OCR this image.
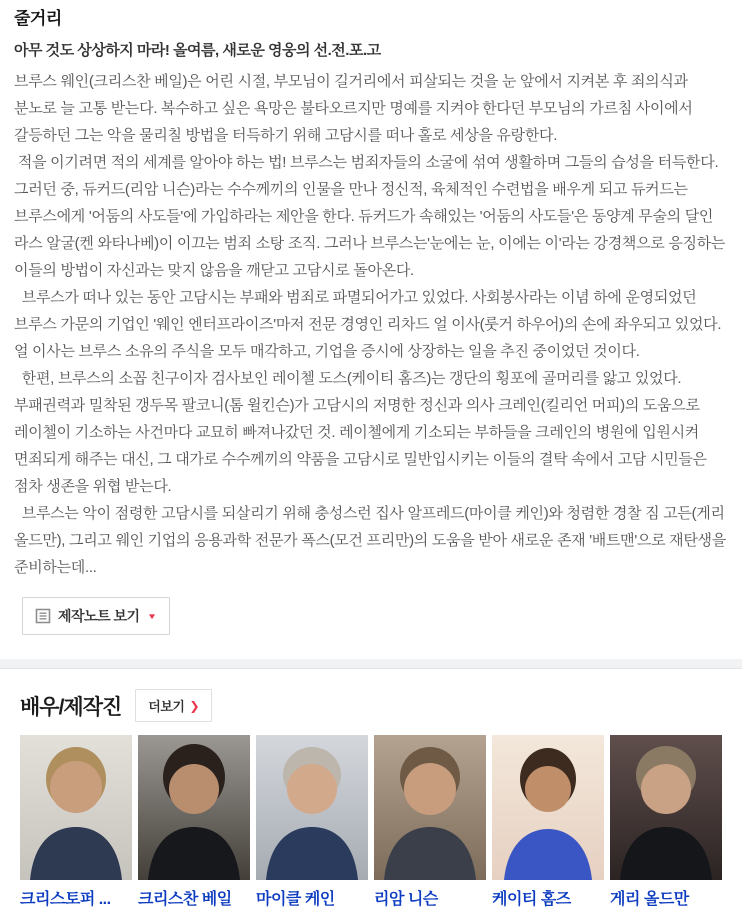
줄거리

아무 것도 상상하지 마라! 올여름, 새로운 영웅의 선.전.포.고

브루스 웨인(크리스찬 베일)은 어린 시절, 부모님이 길거리에서 피살되는 것을 눈 앞에서 지켜본 후 죄의식과 분노로 늘 고통 받는다. 복수하고 싶은 욕망은 불타오르지만 명예를 지켜야 한다던 부모님의 가르침 사이에서 갈등하던 그는 악을 물리칠 방법을 터득하기 위해 고담시를 떠나 홀로 세상을 유랑한다.

적을 이기려면 적의 세계를 알아야 하는 법! 브루스는 범죄자들의 소굴에 섞여 생활하며 그들의 습성을 터득한다. 그러던 중, 듀커드(리암 니슨)라는 수수께끼의 인물을 만나 정신적, 육체적인 수련법을 배우게 되고 듀커드는 브루스에게 '어둠의 사도들'에 가입하라는 제안을 한다. 듀커드가 속해있는 '어둠의 사도들'은 동양계 무술의 달인 라스 알굴(켄 와타나베)이 이끄는 범죄 소탕 조직. 그러나 브루스는'눈에는 눈, 이에는 이'라는 강경책으로 응징하는 이들의 방법이 자신과는 맞지 않음을 깨닫고 고담시로 돌아온다.

브루스가 떠나 있는 동안 고담시는 부패와 범죄로 파멸되어가고 있었다. 사회봉사라는 이념 하에 운영되었던 브루스 가문의 기업인 '웨인 엔터프라이즈'마저 전문 경영인 리차드 얼 이사(룻거 하우어)의 손에 좌우되고 있었다. 얼 이사는 브루스 소유의 주식을 모두 매각하고, 기업을 증시에 상장하는 일을 추진 중이었던 것이다.

한편, 브루스의 소꼽 친구이자 검사보인 레이첼 도스(케이티 홈즈)는 갱단의 횡포에 골머리를 앓고 있었다. 부패권력과 밀착된 갱두목 팔코니(톰 윌킨슨)가 고담시의 저명한 정신과 의사 크레인(킬리언 머피)의 도움으로 레이첼이 기소하는 사건마다 교묘히 빠져나갔던 것. 레이첼에게 기소되는 부하들을 크레인의 병원에 입원시켜 면죄되게 해주는 대신, 그 대가로 수수께끼의 약품을 고담시로 밀반입시키는 이들의 결탁 속에서 고담 시민들은 점차 생존을 위협 받는다.

브루스는 악이 점령한 고담시를 되살리기 위해 충성스런 집사 알프레드(마이클 케인)와 청렴한 경찰 짐 고든(게리 올드만), 그리고 웨인 기업의 응용과학 전문가 폭스(모건 프리만)의 도움을 받아 새로운 존재 '배트맨'으로 재탄생을 준비하는데...

제작노트 보기 ▼
배우/제작진 더보기 ❯
크리스토퍼 ...	크리스찬 베일	마이클 케인	리암 니슨	케이티 홈즈	게리 올드만
